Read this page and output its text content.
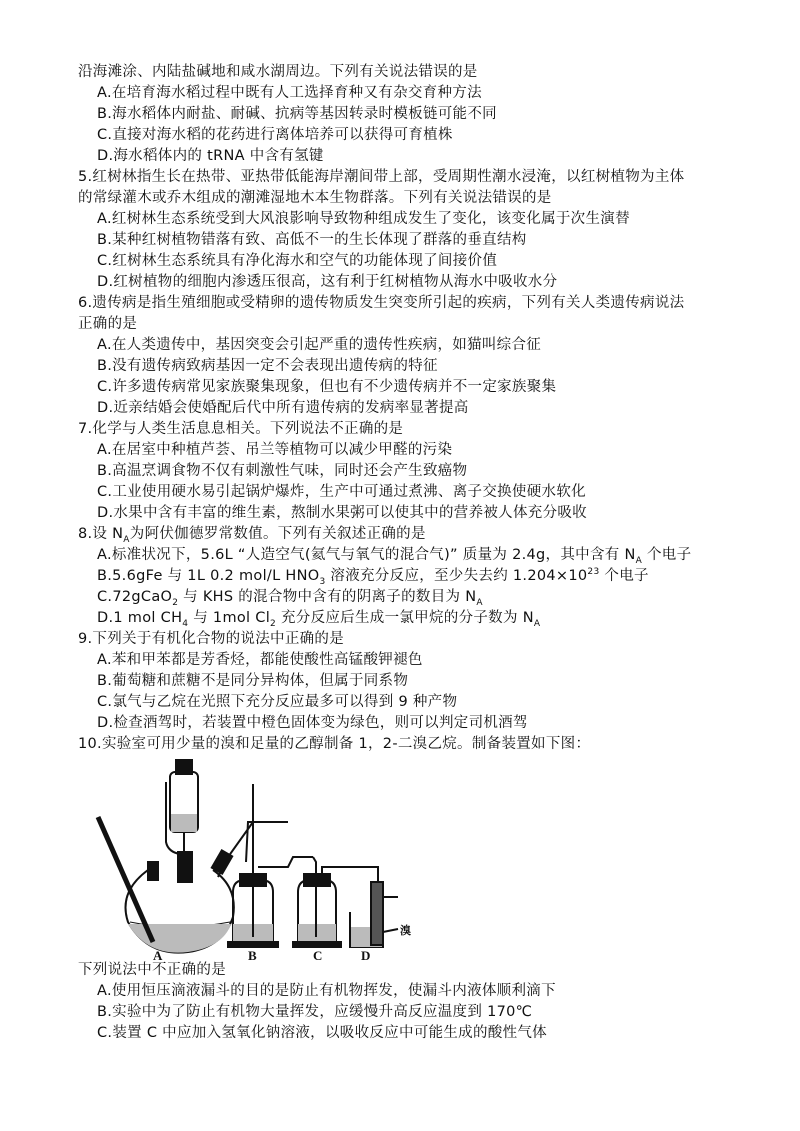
沿海滩涂、内陆盐碱地和咸水湖周边。下列有关说法错误的是
A.在培育海水稻过程中既有人工选择育种又有杂交育种方法
B.海水稻体内耐盐、耐碱、抗病等基因转录时模板链可能不同
C.直接对海水稻的花药进行离体培养可以获得可育植株
D.海水稻体内的 tRNA 中含有氢键
5.红树林指生长在热带、亚热带低能海岸潮间带上部，受周期性潮水浸淹，以红树植物为主体
的常绿灌木或乔木组成的潮滩湿地木本生物群落。下列有关说法错误的是
A.红树林生态系统受到大风浪影响导致物种组成发生了变化，该变化属于次生演替
B.某种红树植物错落有致、高低不一的生长体现了群落的垂直结构
C.红树林生态系统具有净化海水和空气的功能体现了间接价值
D.红树植物的细胞内渗透压很高，这有利于红树植物从海水中吸收水分
6.遗传病是指生殖细胞或受精卵的遗传物质发生突变所引起的疾病，下列有关人类遗传病说法
正确的是
A.在人类遗传中，基因突变会引起严重的遗传性疾病，如猫叫综合征
B.没有遗传病致病基因一定不会表现出遗传病的特征
C.许多遗传病常见家族聚集现象，但也有不少遗传病并不一定家族聚集
D.近亲结婚会使婚配后代中所有遗传病的发病率显著提高
7.化学与人类生活息息相关。下列说法不正确的是
A.在居室中种植芦荟、吊兰等植物可以减少甲醛的污染
B.高温烹调食物不仅有刺激性气味，同时还会产生致癌物
C.工业使用硬水易引起锅炉爆炸，生产中可通过煮沸、离子交换使硬水软化
D.水果中含有丰富的维生素，熬制水果粥可以使其中的营养被人体充分吸收
8.设 $N_A$为阿伏伽德罗常数值。下列有关叙述正确的是
A.标准状况下，5.6L “人造空气(氦气与氧气的混合气)” 质量为 2.4g，其中含有 $N_A$ 个电子
B.5.6gFe 与 1L 0.2 mol/L $HNO_3$ 溶液充分反应，至少失去约 $1.204\times 10^{23}$ 个电子
C.72gCaO$_2$ 与 KHS 的混合物中含有的阴离子的数目为 $N_A$
D.1 mol $CH_4$ 与 1mol $Cl_2$ 充分反应后生成一氯甲烷的分子数为 $N_A$
9.下列关于有机化合物的说法中正确的是
A.苯和甲苯都是芳香烃，都能使酸性高锰酸钾褪色
B.葡萄糖和蔗糖不是同分异构体，但属于同系物
C.氯气与乙烷在光照下充分反应最多可以得到 9 种产物
D.检查酒驾时，若装置中橙色固体变为绿色，则可以判定司机酒驾
10.实验室可用少量的溴和足量的乙醇制备 1，2-二溴乙烷。制备装置如下图：
A	B	C	D
溴
下列说法中不正确的是
A.使用恒压滴液漏斗的目的是防止有机物挥发，使漏斗内液体顺利滴下
B.实验中为了防止有机物大量挥发，应缓慢升高反应温度到 170℃
C.装置 C 中应加入氢氧化钠溶液，以吸收反应中可能生成的酸性气体
